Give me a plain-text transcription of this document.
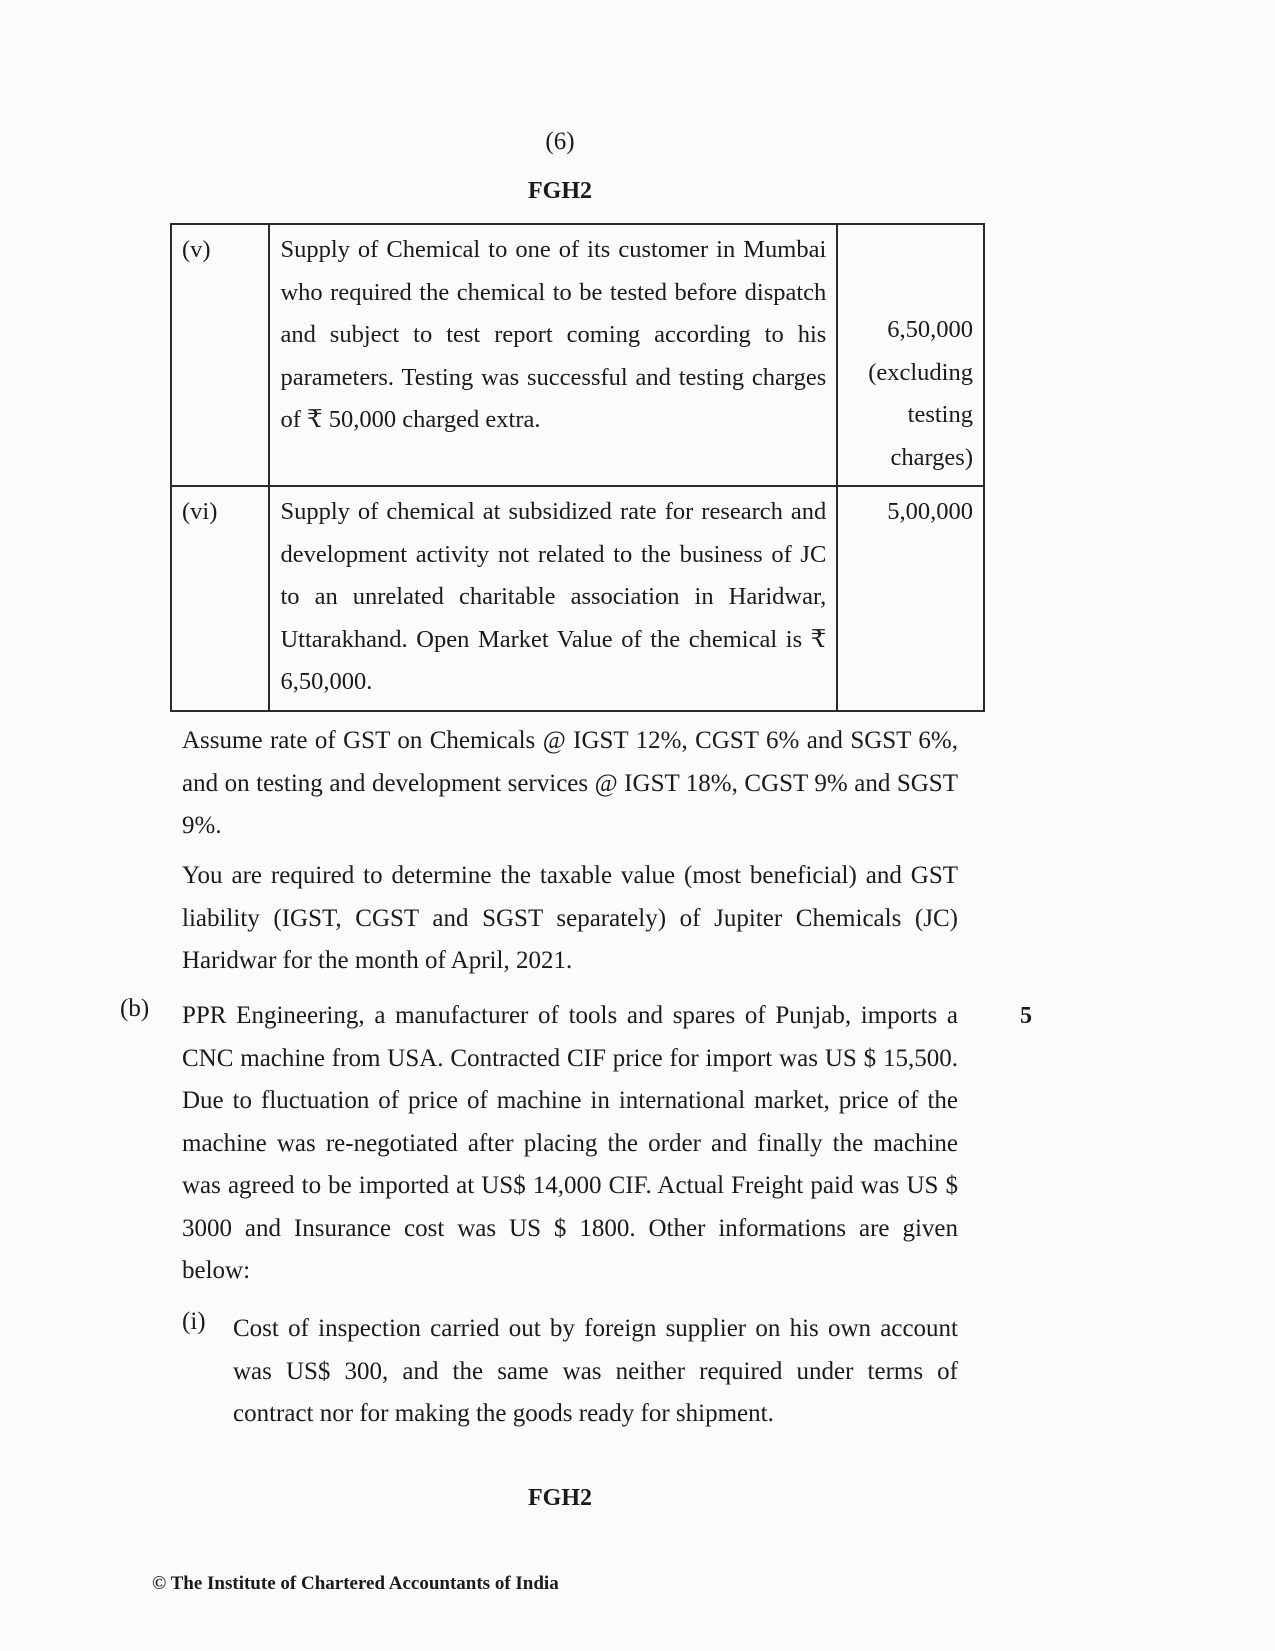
(6)
FGH2
(v)	Supply of Chemical to one of its customer in Mumbai who required the chemical to be tested before dispatch and subject to test report coming according to his parameters. Testing was successful and testing charges of ₹ 50,000 charged extra.	6,50,000
(excluding testing charges)

(vi)	Supply of chemical at subsidized rate for research and development activity not related to the business of JC to an unrelated charitable association in Haridwar, Uttarakhand. Open Market Value of the chemical is ₹ 6,50,000.	5,00,000

Assume rate of GST on Chemicals @ IGST 12%, CGST 6% and SGST 6%, and on testing and development services @ IGST 18%, CGST 9% and SGST 9%.

You are required to determine the taxable value (most beneficial) and GST liability (IGST, CGST and SGST separately) of Jupiter Chemicals (JC) Haridwar for the month of April, 2021.

(b)	5

PPR Engineering, a manufacturer of tools and spares of Punjab, imports a CNC machine from USA. Contracted CIF price for import was US $ 15,500. Due to fluctuation of price of machine in international market, price of the machine was re-negotiated after placing the order and finally the machine was agreed to be imported at US$ 14,000 CIF. Actual Freight paid was US $ 3000 and Insurance cost was US $ 1800. Other informations are given below:

(i) Cost of inspection carried out by foreign supplier on his own account was US$ 300, and the same was neither required under terms of contract nor for making the goods ready for shipment.

FGH2
© The Institute of Chartered Accountants of India
